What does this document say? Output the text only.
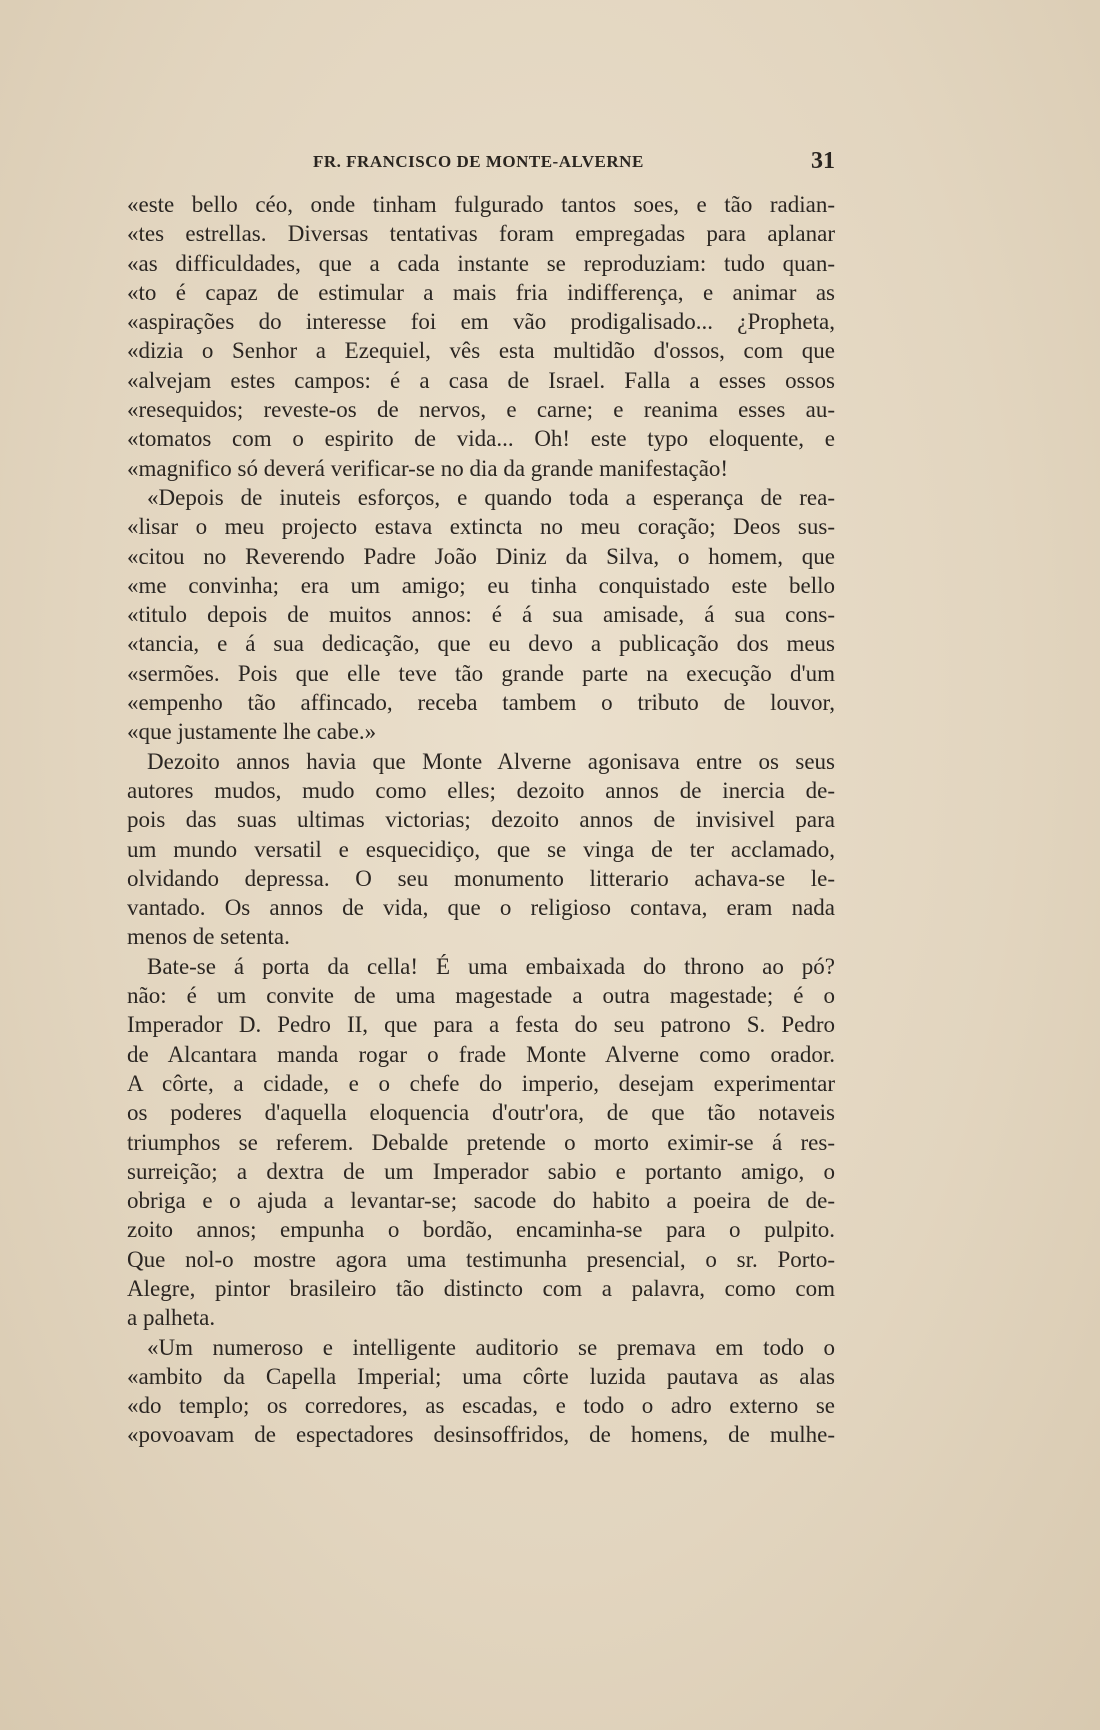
FR. FRANCISCO DE MONTE-ALVERNE	31

«este bello céo, onde tinham fulgurado tantos soes, e tão radian-
«tes estrellas. Diversas tentativas foram empregadas para aplanar
«as difficuldades, que a cada instante se reproduziam: tudo quan-
«to é capaz de estimular a mais fria indifferença, e animar as
«aspirações do interesse foi em vão prodigalisado... ¿Propheta,
«dizia o Senhor a Ezequiel, vês esta multidão d'ossos, com que
«alvejam estes campos: é a casa de Israel. Falla a esses ossos
«resequidos; reveste-os de nervos, e carne; e reanima esses au-
«tomatos com o espirito de vida... Oh! este typo eloquente, e
«magnifico só deverá verificar-se no dia da grande manifestação!

«Depois de inuteis esforços, e quando toda a esperança de rea-
«lisar o meu projecto estava extincta no meu coração; Deos sus-
«citou no Reverendo Padre João Diniz da Silva, o homem, que
«me convinha; era um amigo; eu tinha conquistado este bello
«titulo depois de muitos annos: é á sua amisade, á sua cons-
«tancia, e á sua dedicação, que eu devo a publicação dos meus
«sermões. Pois que elle teve tão grande parte na execução d'um
«empenho tão affincado, receba tambem o tributo de louvor,
«que justamente lhe cabe.»

Dezoito annos havia que Monte Alverne agonisava entre os seus
autores mudos, mudo como elles; dezoito annos de inercia de-
pois das suas ultimas victorias; dezoito annos de invisivel para
um mundo versatil e esquecidiço, que se vinga de ter acclamado,
olvidando depressa. O seu monumento litterario achava-se le-
vantado. Os annos de vida, que o religioso contava, eram nada
menos de setenta.

Bate-se á porta da cella! É uma embaixada do throno ao pó?
não: é um convite de uma magestade a outra magestade; é o
Imperador D. Pedro II, que para a festa do seu patrono S. Pedro
de Alcantara manda rogar o frade Monte Alverne como orador.
A côrte, a cidade, e o chefe do imperio, desejam experimentar
os poderes d'aquella eloquencia d'outr'ora, de que tão notaveis
triumphos se referem. Debalde pretende o morto eximir-se á res-
surreição; a dextra de um Imperador sabio e portanto amigo, o
obriga e o ajuda a levantar-se; sacode do habito a poeira de de-
zoito annos; empunha o bordão, encaminha-se para o pulpito.
Que nol-o mostre agora uma testimunha presencial, o sr. Porto-
Alegre, pintor brasileiro tão distincto com a palavra, como com
a palheta.

«Um numeroso e intelligente auditorio se premava em todo o
«ambito da Capella Imperial; uma côrte luzida pautava as alas
«do templo; os corredores, as escadas, e todo o adro externo se
«povoavam de espectadores desinsoffridos, de homens, de mulhe-
